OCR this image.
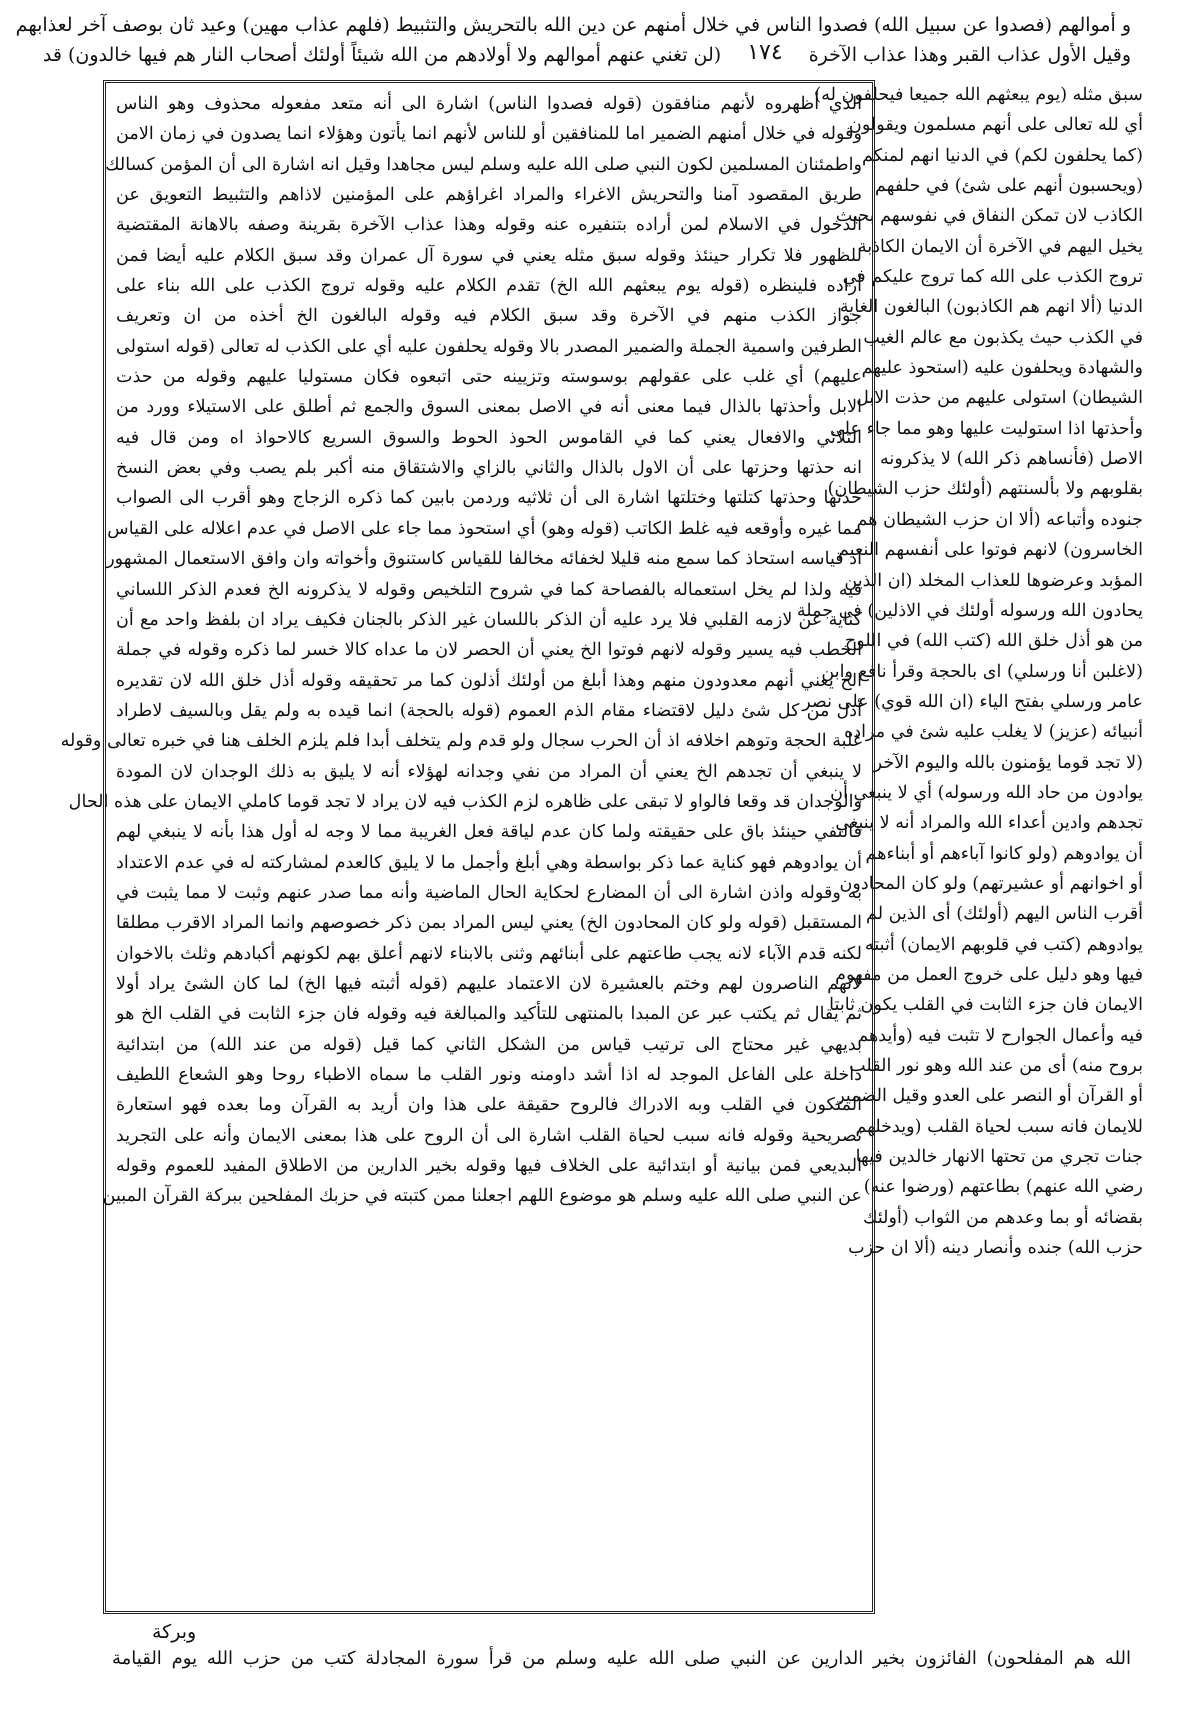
و أموالهم (فصدوا عن سبيل الله) فصدوا الناس في خلال أمنهم عن دين الله بالتحريش والتثبيط (فلهم عذاب مهين) وعيد ثان بوصف آخر لعذابهم
وقيل الأول عذاب القبر وهذا عذاب الآخرة
١٧٤
(لن تغني عنهم أموالهم ولا أولادهم من الله شيئاً أولئك أصحاب النار هم فيها خالدون) قد
سبق مثله (يوم يبعثهم الله جميعا فيحلفون له)
أي لله تعالى على أنهم مسلمون ويقولون
(كما يحلفون لكم) في الدنيا انهم لمنكم
(ويحسبون أنهم على شئ) في حلفهم
الكاذب لان تمكن النفاق في نفوسهم بحيث
يخيل اليهم في الآخرة أن الايمان الكاذبة
تروج الكذب على الله كما تروج عليكم في
الدنيا (ألا انهم هم الكاذبون) البالغون الغاية
في الكذب حيث يكذبون مع عالم الغيب
والشهادة ويحلفون عليه (استحوذ عليهم
الشيطان) استولى عليهم من حذت الابل
وأحذتها اذا استوليت عليها وهو مما جاء على
الاصل (فأنساهم ذكر الله) لا يذكرونه
بقلوبهم ولا بألسنتهم (أولئك حزب الشيطان)
جنوده وأتباعه (ألا ان حزب الشيطان هم
الخاسرون) لانهم فوتوا على أنفسهم النعيم
المؤبد وعرضوها للعذاب المخلد (ان الذين
يحادون الله ورسوله أولئك في الاذلين) في جملة
من هو أذل خلق الله (كتب الله) في اللوح
(لاغلبن أنا ورسلي) اى بالحجة وقرأ نافع وابن
عامر ورسلي بفتح الياء (ان الله قوي) على نصر
أنبيائه (عزيز) لا يغلب عليه شئ في مراده
(لا تجد قوما يؤمنون بالله واليوم الآخر
يوادون من حاد الله ورسوله) أي لا ينبغي أن
تجدهم وادين أعداء الله والمراد أنه لا ينبغي
أن يوادوهم (ولو كانوا آباءهم أو أبناءهم
أو اخوانهم أو عشيرتهم) ولو كان المحادون
أقرب الناس اليهم (أولئك) أى الذين لم
يوادوهم (كتب في قلوبهم الايمان) أثبته
فيها وهو دليل على خروج العمل من مفهوم
الايمان فان جزء الثابت في القلب يكون ثابتا
فيه وأعمال الجوارح لا تثبت فيه (وأيدهم
بروح منه) أى من عند الله وهو نور القلب
أو القرآن أو النصر على العدو وقيل الضمير
للايمان فانه سبب لحياة القلب (ويدخلهم
جنات تجري من تحتها الانهار خالدين فيها
رضي الله عنهم) بطاعتهم (ورضوا عنه)
بقضائه أو بما وعدهم من الثواب (أولئك
حزب الله) جنده وأنصار دينه (ألا ان حزب
الذي أظهروه لأنهم منافقون (قوله فصدوا الناس) اشارة الى أنه متعد مفعوله محذوف وهو الناس
وقوله في خلال أمنهم الضمير اما للمنافقين أو للناس لأنهم انما يأتون وهؤلاء انما يصدون في زمان الامن
واطمئنان المسلمين لكون النبي صلى الله عليه وسلم ليس مجاهدا وقيل انه اشارة الى أن المؤمن كسالك
طريق المقصود آمنا والتحريش الاغراء والمراد اغراؤهم على المؤمنين لاذاهم والتثبيط التعويق عن
الدخول في الاسلام لمن أراده بتنفيره عنه وقوله وهذا عذاب الآخرة بقرينة وصفه بالاهانة المقتضية
للظهور فلا تكرار حينئذ وقوله سبق مثله يعني في سورة آل عمران وقد سبق الكلام عليه أيضا فمن
أراده فلينظره (قوله يوم يبعثهم الله الخ) تقدم الكلام عليه وقوله تروج الكذب على الله بناء على
جواز الكذب منهم في الآخرة وقد سبق الكلام فيه وقوله البالغون الخ أخذه من ان وتعريف
الطرفين واسمية الجملة والضمير المصدر بالا وقوله يحلفون عليه أي على الكذب له تعالى (قوله استولى
عليهم) أي غلب على عقولهم بوسوسته وتزيينه حتى اتبعوه فكان مستوليا عليهم وقوله من حذت
الابل وأحذتها بالذال فيما معنى أنه في الاصل بمعنى السوق والجمع ثم أطلق على الاستيلاء وورد من
الثلاثي والافعال يعني كما في القاموس الحوذ الحوط والسوق السريع كالاحواذ اه ومن قال فيه
انه حذتها وحزتها على أن الاول بالذال والثاني بالزاي والاشتقاق منه أكبر بلم يصب وفي بعض النسخ
حذتها وحذتها كتلتها وختلتها اشارة الى أن ثلاثيه وردمن بابين كما ذكره الزجاج وهو أقرب الى الصواب
مما غيره وأوقعه فيه غلط الكاتب (قوله وهو) أي استحوذ مما جاء على الاصل في عدم اعلاله على القياس
اذ قياسه استحاذ كما سمع منه قليلا لخفائه مخالفا للقياس كاستنوق وأخواته وان وافق الاستعمال المشهور
فيه ولذا لم يخل استعماله بالفصاحة كما في شروح التلخيص وقوله لا يذكرونه الخ فعدم الذكر اللساني
كناية عن لازمه القلبي فلا يرد عليه أن الذكر باللسان غير الذكر بالجنان فكيف يراد ان بلفظ واحد مع أن
الخطب فيه يسير وقوله لانهم فوتوا الخ يعني أن الحصر لان ما عداه كالا خسر لما ذكره وقوله في جملة
الخ يعني أنهم معدودون منهم وهذا أبلغ من أولئك أذلون كما مر تحقيقه وقوله أذل خلق الله لان تقديره
أذل من كل شئ دليل لاقتضاء مقام الذم العموم (قوله بالحجة) انما قيده به ولم يقل وبالسيف لاطراد
غلبة الحجة وتوهم اخلافه اذ أن الحرب سجال ولو قدم ولم يتخلف أبدا فلم يلزم الخلف هنا في خبره تعالى وقوله
لا ينبغي أن تجدهم الخ يعني أن المراد من نفي وجدانه لهؤلاء أنه لا يليق به ذلك الوجدان لان المودة
والوجدان قد وقعا فالواو لا تبقى على ظاهره لزم الكذب فيه لان يراد لا تجد قوما كاملي الايمان على هذه الحال
فالنفي حينئذ باق على حقيقته ولما كان عدم لياقة فعل الغريبة مما لا وجه له أول هذا بأنه لا ينبغي لهم
أن يوادوهم فهو كناية عما ذكر بواسطة وهي أبلغ وأجمل ما لا يليق كالعدم لمشاركته له في عدم الاعتداد
به وقوله واذن اشارة الى أن المضارع لحكاية الحال الماضية وأنه مما صدر عنهم وثبت لا مما يثبت في
المستقبل (قوله ولو كان المحادون الخ) يعني ليس المراد بمن ذكر خصوصهم وانما المراد الاقرب مطلقا
لكنه قدم الآباء لانه يجب طاعتهم على أبنائهم وثنى بالابناء لانهم أعلق بهم لكونهم أكبادهم وثلث بالاخوان
لانهم الناصرون لهم وختم بالعشيرة لان الاعتماد عليهم (قوله أثبته فيها الخ) لما كان الشئ يراد أولا
ثم يقال ثم يكتب عبر عن المبدا بالمنتهى للتأكيد والمبالغة فيه وقوله فان جزء الثابت في القلب الخ هو
بديهي غير محتاج الى ترتيب قياس من الشكل الثاني كما قيل (قوله من عند الله) من ابتدائية
داخلة على الفاعل الموجد له اذا أشد داومنه ونور القلب ما سماه الاطباء روحا وهو الشعاع اللطيف
المتكون في القلب وبه الادراك فالروح حقيقة على هذا وان أريد به القرآن وما بعده فهو استعارة
تصريحية وقوله فانه سبب لحياة القلب اشارة الى أن الروح على هذا بمعنى الايمان وأنه على التجريد
البديعي فمن بيانية أو ابتدائية على الخلاف فيها وقوله بخير الدارين من الاطلاق المفيد للعموم وقوله
عن النبي صلى الله عليه وسلم هو موضوع اللهم اجعلنا ممن كتبته في حزبك المفلحين ببركة القرآن المبين
وبركة
الله هم المفلحون) الفائزون بخير الدارين عن النبي صلى الله عليه وسلم من قرأ سورة المجادلة كتب من حزب الله يوم القيامة
